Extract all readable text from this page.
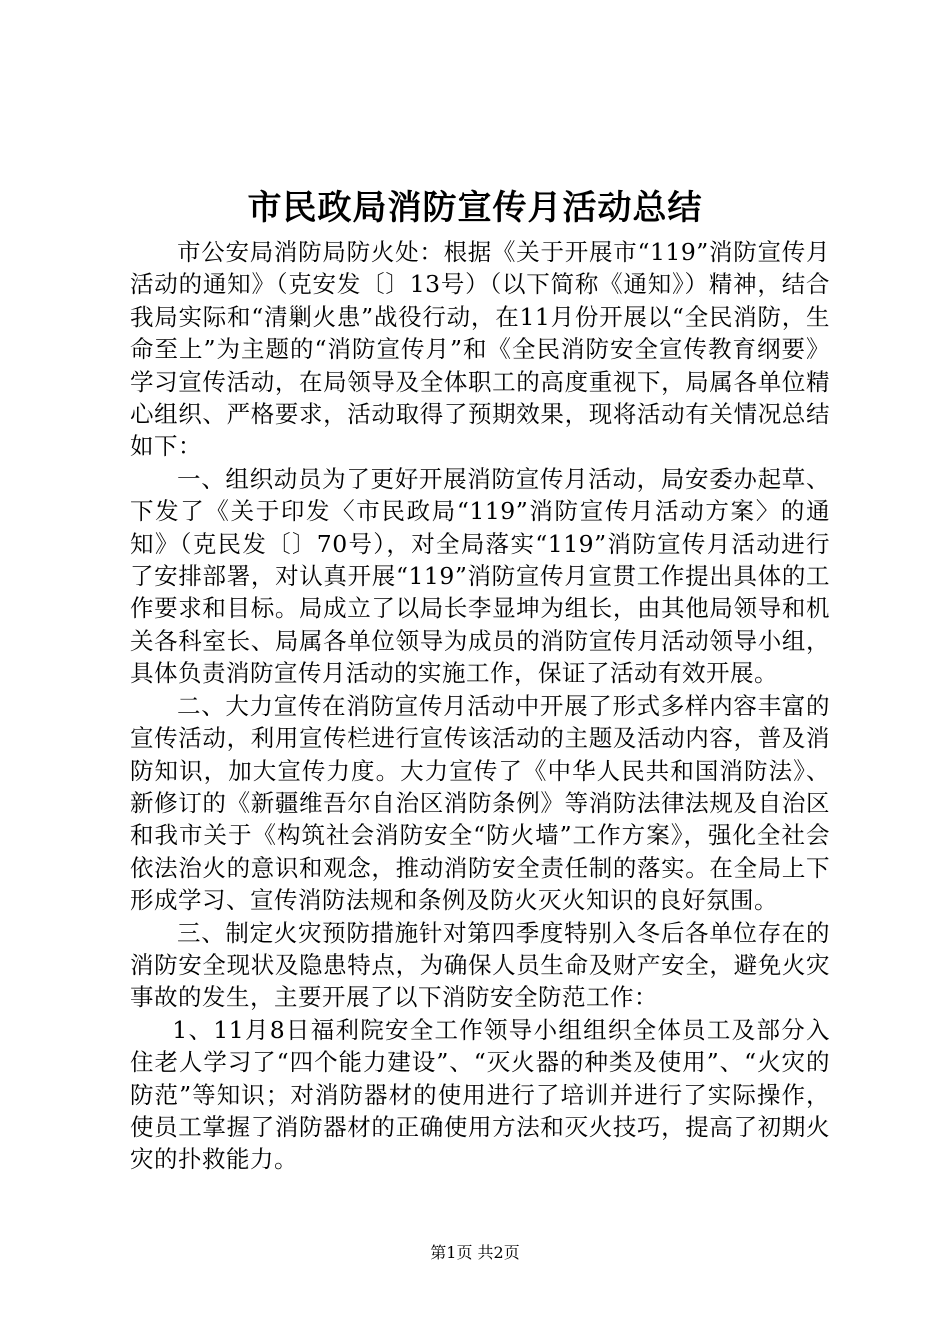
市民政局消防宣传月活动总结

市公安局消防局防火处：根据《关于开展市“119”消防宣传月活动的通知》（克安发〔〕13号）（以下简称《通知》）精神，结合我局实际和“清剿火患”战役行动，在11月份开展以“全民消防，生命至上”为主题的“消防宣传月”和《全民消防安全宣传教育纲要》学习宣传活动，在局领导及全体职工的高度重视下，局属各单位精心组织、严格要求，活动取得了预期效果，现将活动有关情况总结如下：

一、组织动员为了更好开展消防宣传月活动，局安委办起草、下发了《关于印发〈市民政局“119”消防宣传月活动方案〉的通知》（克民发〔〕70号），对全局落实“119”消防宣传月活动进行了安排部署，对认真开展“119”消防宣传月宣贯工作提出具体的工作要求和目标。局成立了以局长李显坤为组长，由其他局领导和机关各科室长、局属各单位领导为成员的消防宣传月活动领导小组，具体负责消防宣传月活动的实施工作，保证了活动有效开展。

二、大力宣传在消防宣传月活动中开展了形式多样内容丰富的宣传活动，利用宣传栏进行宣传该活动的主题及活动内容，普及消防知识，加大宣传力度。大力宣传了《中华人民共和国消防法》、新修订的《新疆维吾尔自治区消防条例》等消防法律法规及自治区和我市关于《构筑社会消防安全“防火墙”工作方案》，强化全社会依法治火的意识和观念，推动消防安全责任制的落实。在全局上下形成学习、宣传消防法规和条例及防火灭火知识的良好氛围。

三、制定火灾预防措施针对第四季度特别入冬后各单位存在的消防安全现状及隐患特点，为确保人员生命及财产安全，避免火灾事故的发生，主要开展了以下消防安全防范工作：

1、11月8日福利院安全工作领导小组组织全体员工及部分入住老人学习了“四个能力建设”、“灭火器的种类及使用”、“火灾的防范”等知识；对消防器材的使用进行了培训并进行了实际操作，使员工掌握了消防器材的正确使用方法和灭火技巧，提高了初期火灾的扑救能力。

第1页 共2页
